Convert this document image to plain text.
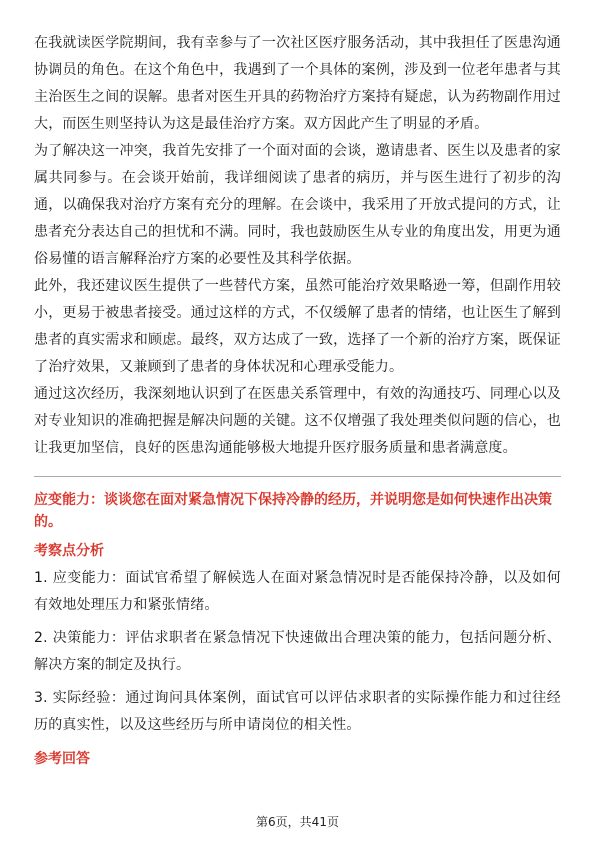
在我就读医学院期间，我有幸参与了一次社区医疗服务活动，其中我担任了医患沟通协调员的角色。在这个角色中，我遇到了一个具体的案例，涉及到一位老年患者与其主治医生之间的误解。患者对医生开具的药物治疗方案持有疑虑，认为药物副作用过大，而医生则坚持认为这是最佳治疗方案。双方因此产生了明显的矛盾。

为了解决这一冲突，我首先安排了一个面对面的会谈，邀请患者、医生以及患者的家属共同参与。在会谈开始前，我详细阅读了患者的病历，并与医生进行了初步的沟通，以确保我对治疗方案有充分的理解。在会谈中，我采用了开放式提问的方式，让患者充分表达自己的担忧和不满。同时，我也鼓励医生从专业的角度出发，用更为通俗易懂的语言解释治疗方案的必要性及其科学依据。

此外，我还建议医生提供了一些替代方案，虽然可能治疗效果略逊一筹，但副作用较小，更易于被患者接受。通过这样的方式，不仅缓解了患者的情绪，也让医生了解到患者的真实需求和顾虑。最终，双方达成了一致，选择了一个新的治疗方案，既保证了治疗效果，又兼顾到了患者的身体状况和心理承受能力。

通过这次经历，我深刻地认识到了在医患关系管理中，有效的沟通技巧、同理心以及对专业知识的准确把握是解决问题的关键。这不仅增强了我处理类似问题的信心，也让我更加坚信，良好的医患沟通能够极大地提升医疗服务质量和患者满意度。

应变能力：谈谈您在面对紧急情况下保持冷静的经历，并说明您是如何快速作出决策的。

考察点分析

1. 应变能力：面试官希望了解候选人在面对紧急情况时是否能保持冷静，以及如何有效地处理压力和紧张情绪。

2. 决策能力：评估求职者在紧急情况下快速做出合理决策的能力，包括问题分析、解决方案的制定及执行。

3. 实际经验：通过询问具体案例，面试官可以评估求职者的实际操作能力和过往经历的真实性，以及这些经历与所申请岗位的相关性。

参考回答
第6页，共41页
